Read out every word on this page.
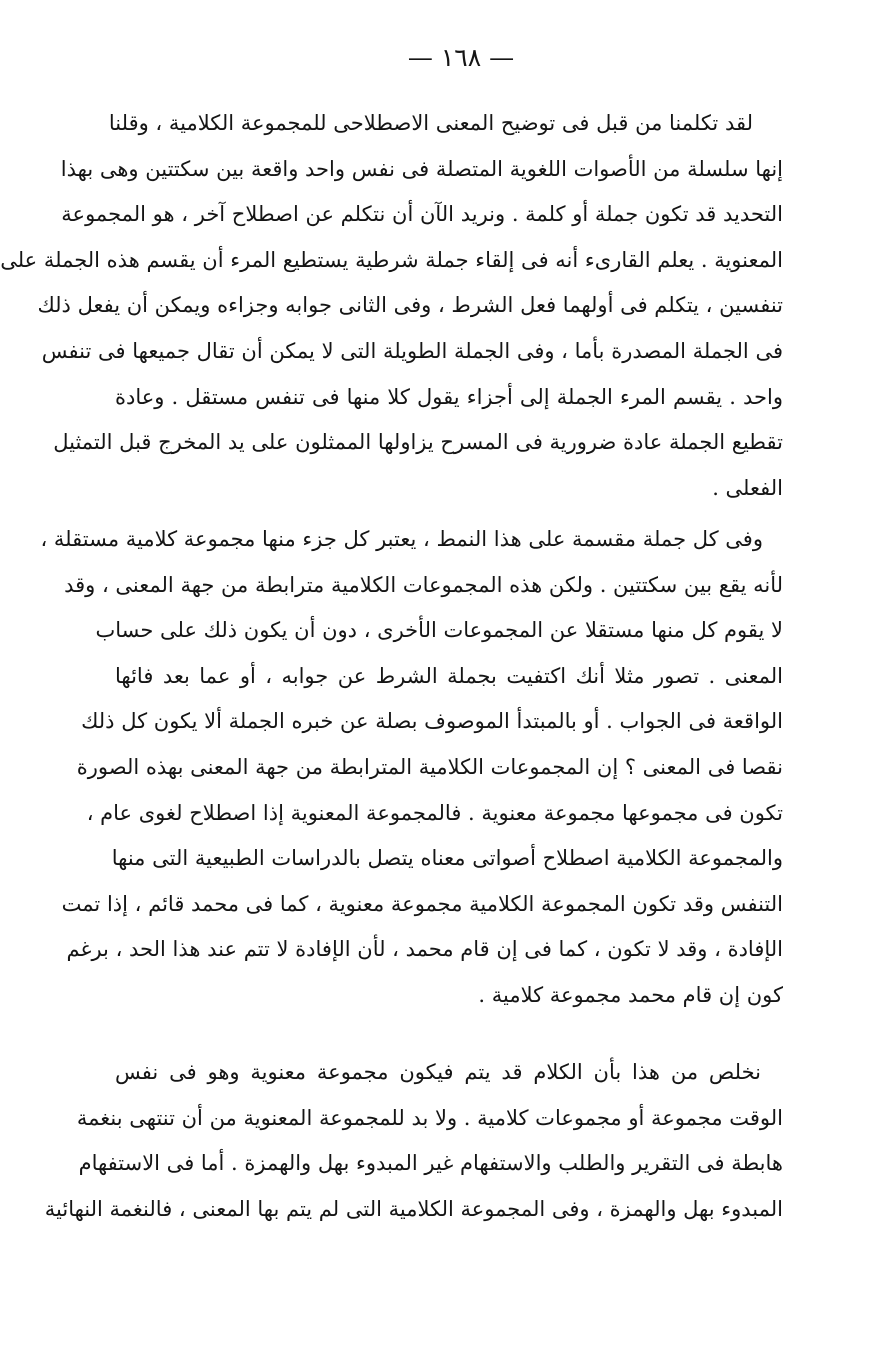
— ١٦٨ —
لقد تكلمنا من قبل فى توضيح المعنى الاصطلاحى للمجموعة الكلامية ، وقلنا
إنها سلسلة من الأصوات اللغوية المتصلة فى نفس واحد واقعة بين سكتتين وهى بهذا
التحديد قد تكون جملة أو كلمة . ونريد الآن أن نتكلم عن اصطلاح آخر ، هو المجموعة
المعنوية . يعلم القارىء أنه فى إلقاء جملة شرطية يستطيع المرء أن يقسم هذه الجملة على
تنفسين ، يتكلم فى أولهما فعل الشرط ، وفى الثانى جوابه وجزاءه ويمكن أن يفعل ذلك
فى الجملة المصدرة بأما ، وفى الجملة الطويلة التى لا يمكن أن تقال جميعها فى تنفس
واحد . يقسم المرء الجملة إلى أجزاء يقول كلا منها فى تنفس مستقل . وعادة
تقطيع الجملة عادة ضرورية فى المسرح يزاولها الممثلون على يد المخرج قبل التمثيل
الفعلى .
وفى كل جملة مقسمة على هذا النمط ، يعتبر كل جزء منها مجموعة كلامية مستقلة ،
لأنه يقع بين سكتتين . ولكن هذه المجموعات الكلامية مترابطة من جهة المعنى ، وقد
لا يقوم كل منها مستقلا عن المجموعات الأخرى ، دون أن يكون ذلك على حساب
المعنى . تصور مثلا أنك اكتفيت بجملة الشرط عن جوابه ، أو عما بعد فائها
الواقعة فى الجواب . أو بالمبتدأ الموصوف بصلة عن خبره الجملة ألا يكون كل ذلك
نقصا فى المعنى ؟ إن المجموعات الكلامية المترابطة من جهة المعنى بهذه الصورة
تكون فى مجموعها مجموعة معنوية . فالمجموعة المعنوية إذا اصطلاح لغوى عام ،
والمجموعة الكلامية اصطلاح أصواتى معناه يتصل بالدراسات الطبيعية التى منها
التنفس وقد تكون المجموعة الكلامية مجموعة معنوية ، كما فى محمد قائم ، إذا تمت
الإفادة ، وقد لا تكون ، كما فى إن قام محمد ، لأن الإفادة لا تتم عند هذا الحد ، برغم
كون إن قام محمد مجموعة كلامية .
نخلص من هذا بأن الكلام قد يتم فيكون مجموعة معنوية وهو فى نفس
الوقت مجموعة أو مجموعات كلامية . ولا بد للمجموعة المعنوية من أن تنتهى بنغمة
هابطة فى التقرير والطلب والاستفهام غير المبدوء بهل والهمزة . أما فى الاستفهام
المبدوء بهل والهمزة ، وفى المجموعة الكلامية التى لم يتم بها المعنى ، فالنغمة النهائية
